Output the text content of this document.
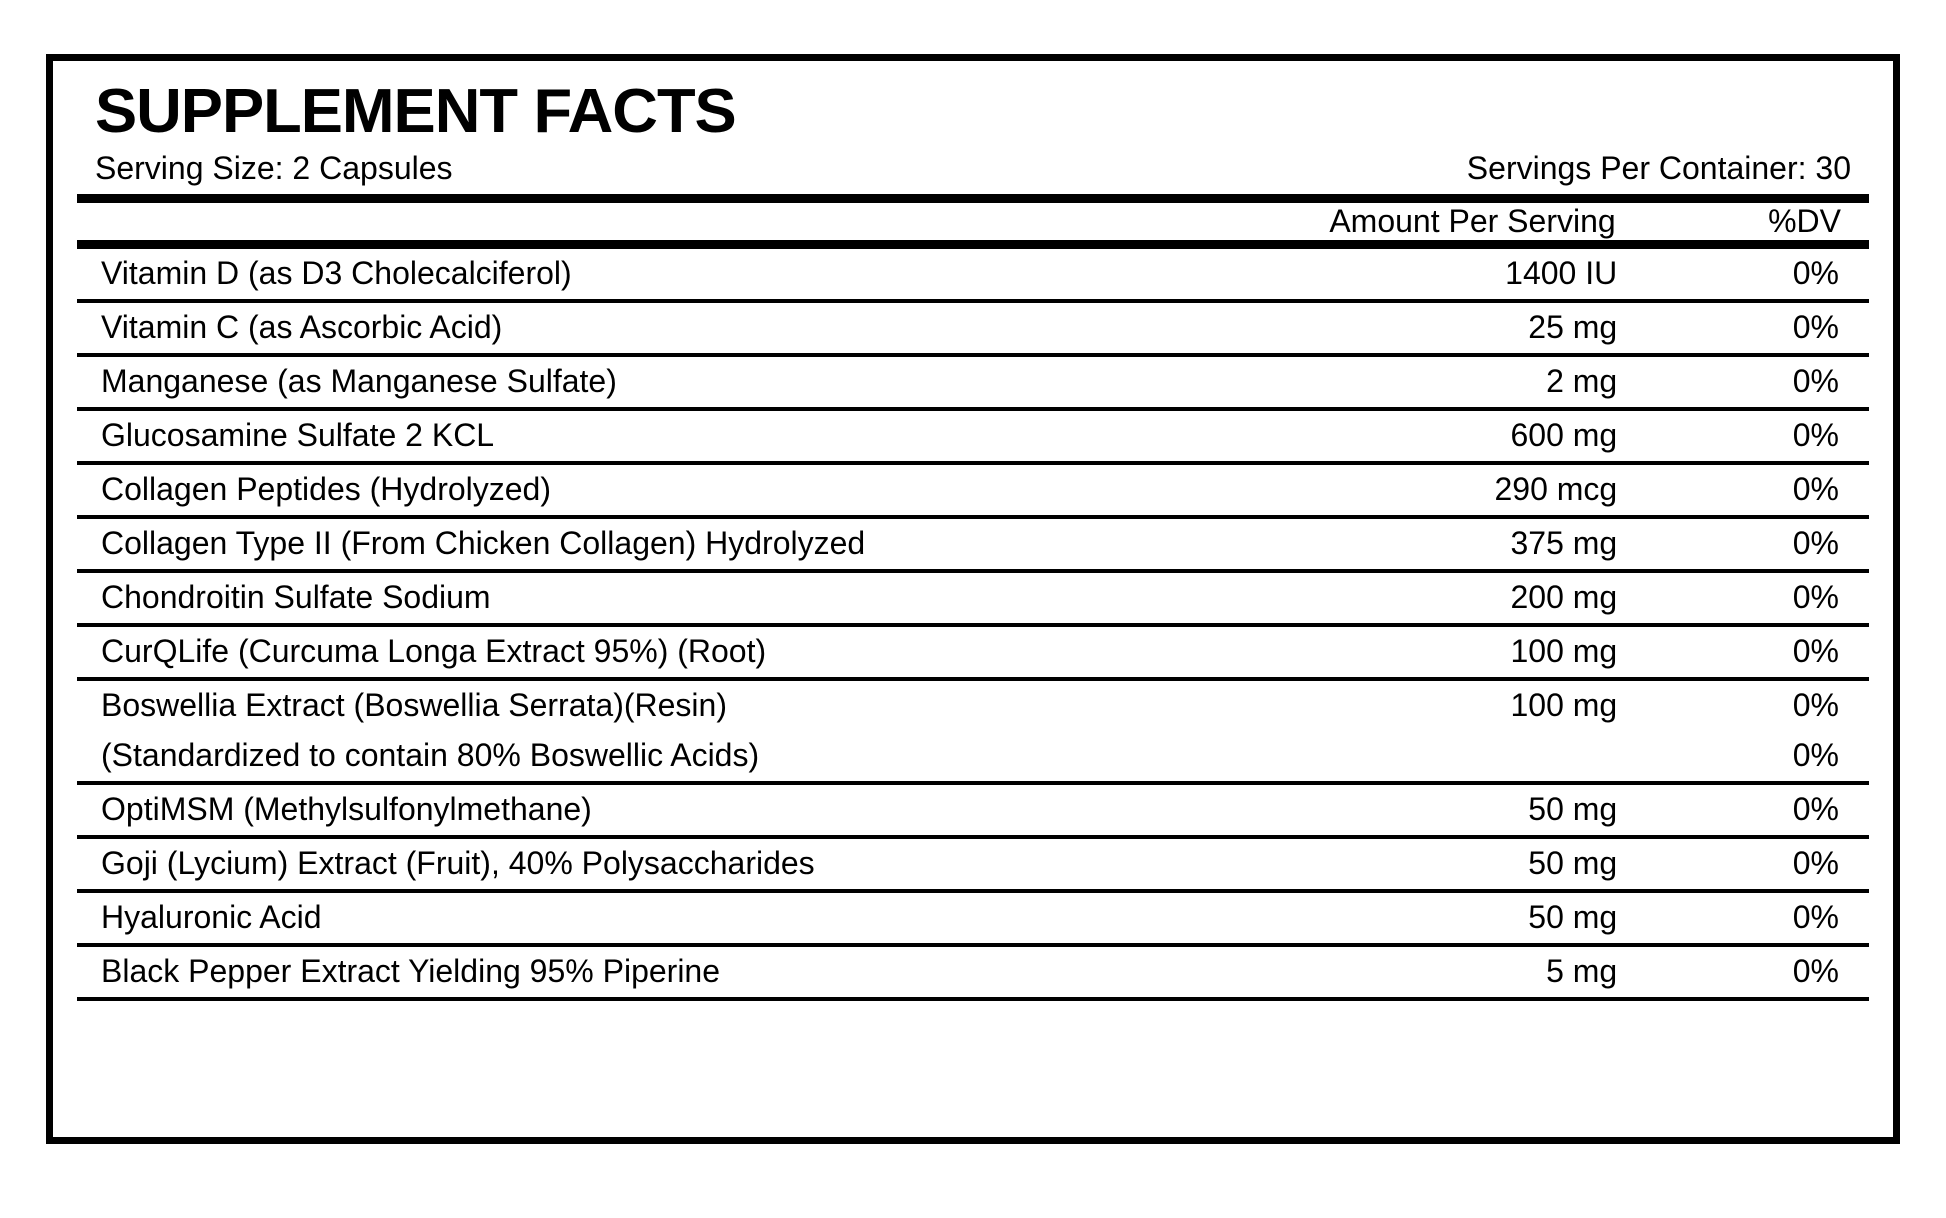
SUPPLEMENT FACTS
Serving Size: 2 Capsules	Servings Per Container: 30
	Amount Per Serving	%DV
Vitamin D (as D3 Cholecalciferol)	1400 IU	0%
Vitamin C (as Ascorbic Acid)	25 mg	0%
Manganese (as Manganese Sulfate)	2 mg	0%
Glucosamine Sulfate 2 KCL	600 mg	0%
Collagen Peptides (Hydrolyzed)	290 mcg	0%
Collagen Type II (From Chicken Collagen) Hydrolyzed	375 mg	0%
Chondroitin Sulfate Sodium	200 mg	0%
CurQLife (Curcuma Longa Extract 95%) (Root)	100 mg	0%
Boswellia Extract (Boswellia Serrata)(Resin)	100 mg	0%
(Standardized to contain 80% Boswellic Acids)		0%
OptiMSM (Methylsulfonylmethane)	50 mg	0%
Goji (Lycium) Extract (Fruit), 40% Polysaccharides	50 mg	0%
Hyaluronic Acid	50 mg	0%
Black Pepper Extract Yielding 95% Piperine	5 mg	0%
